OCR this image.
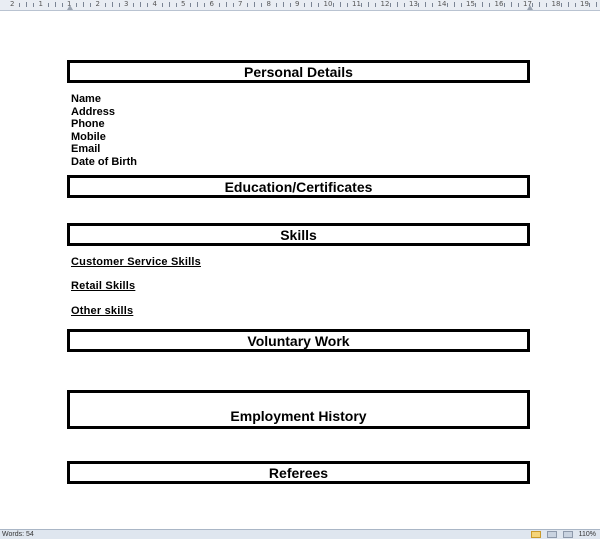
2	1	1	2	3	4	5	6	7	8	9	10	11	12	13	14	15	16	17	18	19
Personal Details
Name
Address
Phone
Mobile
Email
Date of Birth
Education/Certificates
Skills
Customer Service Skills
Retail Skills
Other skills
Voluntary Work
Employment History
Referees
Words: 54	110%
